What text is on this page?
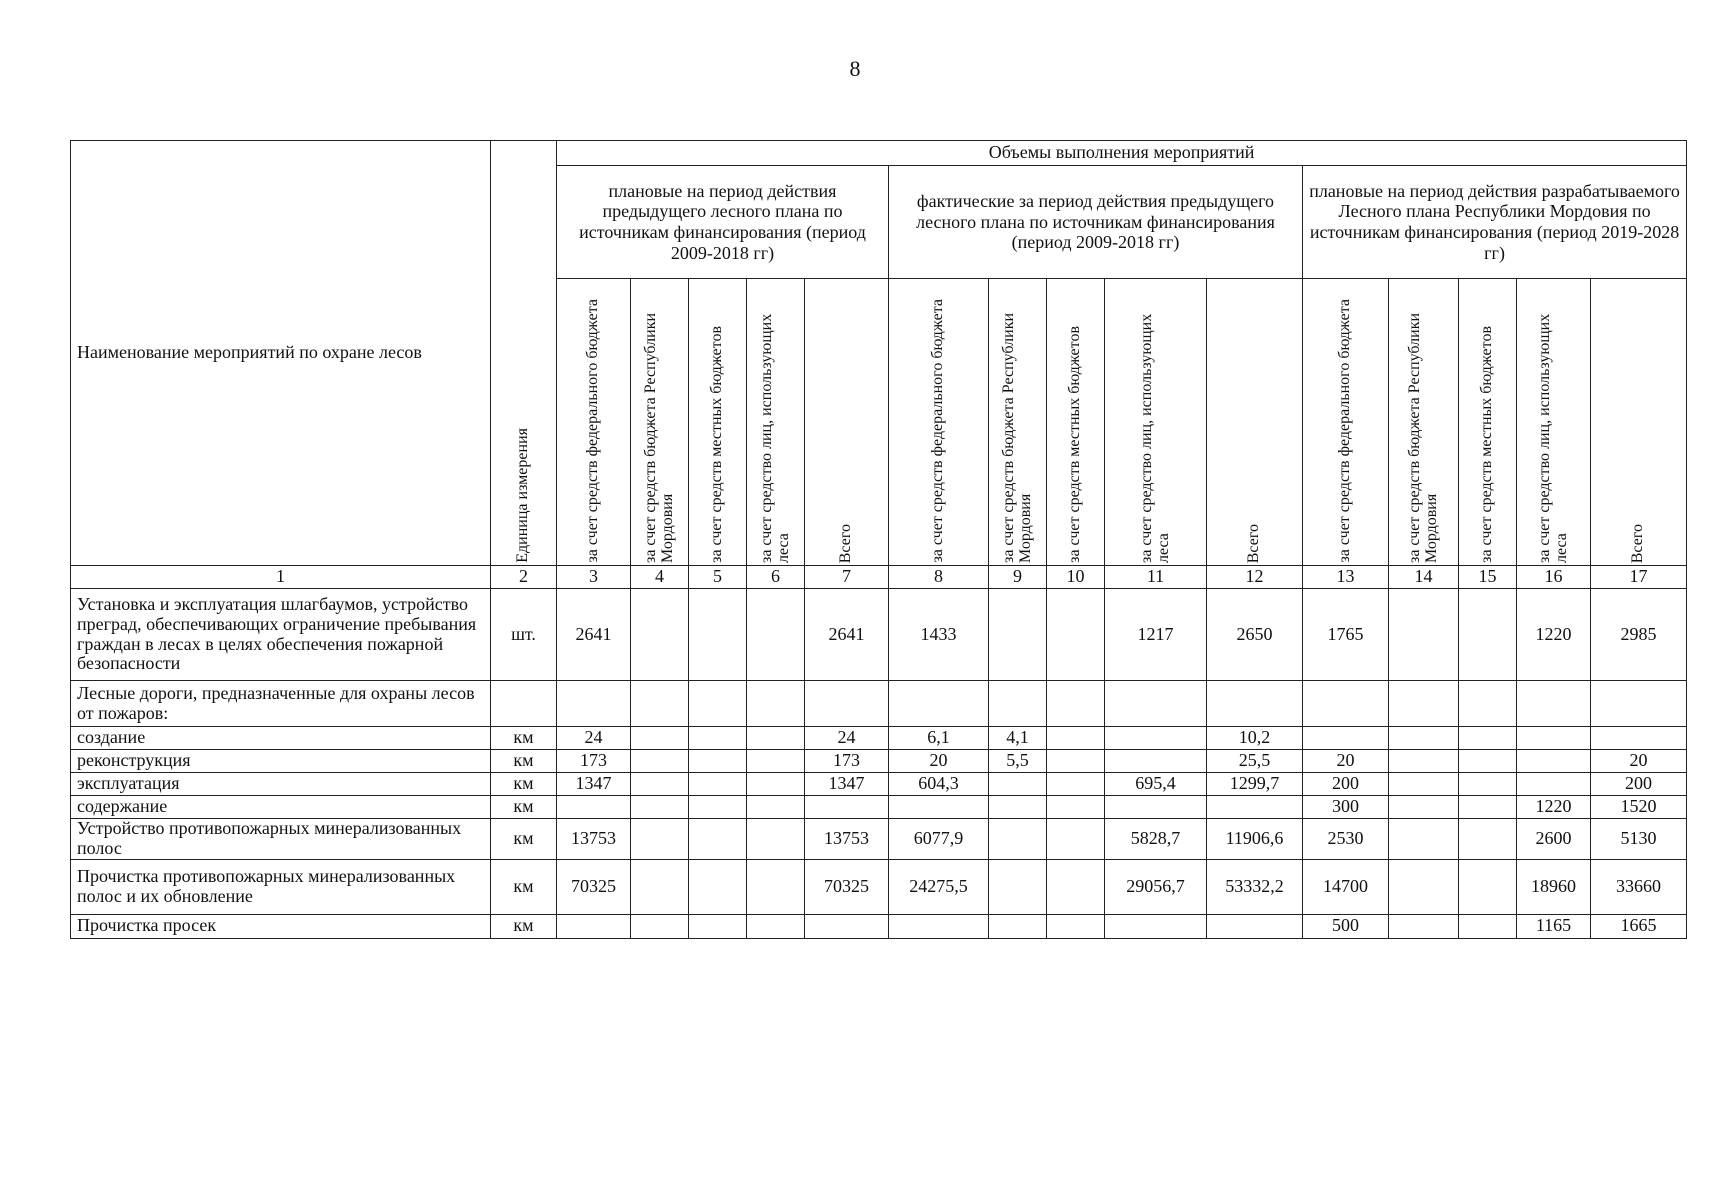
8
Наименование мероприятий по охране лесов	Единица измерения	Объемы выполнения мероприятий														
		плановые на период действия предыдущего лесного плана по источникам финансирования (период 2009-2018 гг)					фактические за период действия предыдущего лесного плана по источникам финансирования (период 2009-2018 гг)					плановые на период действия разрабатываемого Лесного плана Республики Мордовия по источникам финансирования (период 2019-2028 гг)				

		за счет средств федерального бюджета	за счет средств бюджета Республики Мордовия	за счет средств местных бюджетов	за счет средство лиц, использующих леса	Всего	за счет средств федерального бюджета	за счет средств бюджета Республики Мордовия	за счет средств местных бюджетов	за счет средство лиц, использующих леса	Всего	за счет средств федерального бюджета	за счет средств бюджета Республики Мордовия	за счет средств местных бюджетов	за счет средство лиц, использующих леса	Всего

1	2	3	4	5	6	7	8	9	10	11	12	13	14	15	16	17
Установка и эксплуатация шлагбаумов, устройство преград, обеспечивающих ограничение пребывания граждан в лесах в целях обеспечения пожарной безопасности	шт.	2641				2641	1433			1217	2650	1765			1220	2985
Лесные дороги, предназначенные для охраны лесов от пожаров:																
создание	км	24				24	6,1	4,1			10,2					
реконструкция	км	173				173	20	5,5			25,5	20				20
эксплуатация	км	1347				1347	604,3			695,4	1299,7	200				200
содержание	км											300			1220	1520
Устройство противопожарных минерализованных полос	км	13753				13753	6077,9			5828,7	11906,6	2530			2600	5130
Прочистка противопожарных минерализованных полос и их обновление	км	70325				70325	24275,5			29056,7	53332,2	14700			18960	33660
Прочистка просек	км											500			1165	1665
